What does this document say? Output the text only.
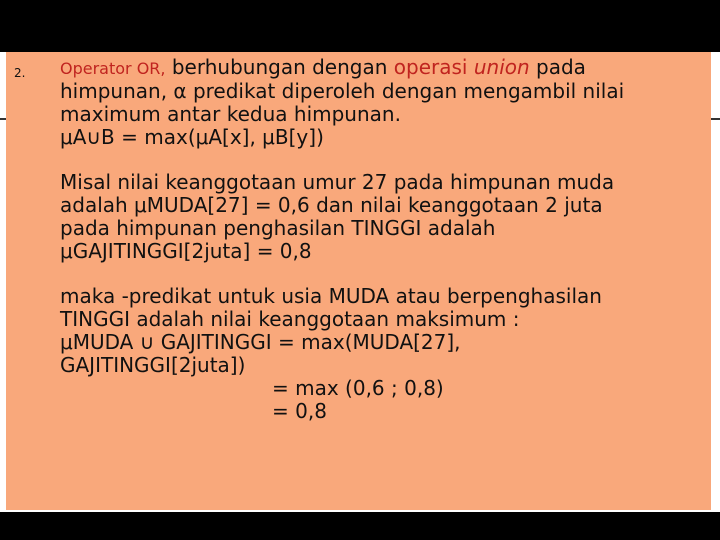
2. Operator OR, berhubungan dengan operasi union pada

himpunan, α predikat diperoleh dengan mengambil nilai

maximum antar kedua himpunan.

μA∪B = max(μA[x], μB[y])

Misal nilai keanggotaan umur 27 pada himpunan muda

adalah μMUDA[27] = 0,6 dan nilai keanggotaan 2 juta

pada himpunan penghasilan TINGGI adalah

μGAJITINGGI[2juta] = 0,8

maka -predikat untuk usia MUDA atau berpenghasilan

TINGGI adalah nilai keanggotaan maksimum :

μMUDA ∪ GAJITINGGI = max(MUDA[27],

GAJITINGGI[2juta])

= max (0,6 ; 0,8)

= 0,8
